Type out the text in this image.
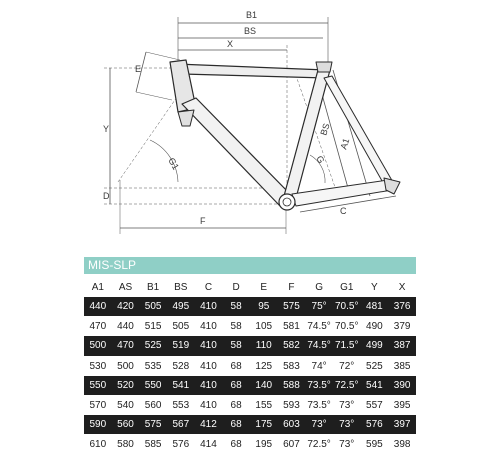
B1
BS
X
E
Y
G1	G
BS
A1
D
F
C
MIS-SLP
A1	AS	B1	BS	C	D	E	F	G	G1	Y	X
440	420	505	495	410	58	95	575	75°	70.5°	481	376
470	440	515	505	410	58	105	581	74.5°	70.5°	490	379
500	470	525	519	410	58	110	582	74.5°	71.5°	499	387
530	500	535	528	410	68	125	583	74°	72°	525	385
550	520	550	541	410	68	140	588	73.5°	72.5°	541	390
570	540	560	553	410	68	155	593	73.5°	73°	557	395
590	560	575	567	412	68	175	603	73°	73°	576	397
610	580	585	576	414	68	195	607	72.5°	73°	595	398
